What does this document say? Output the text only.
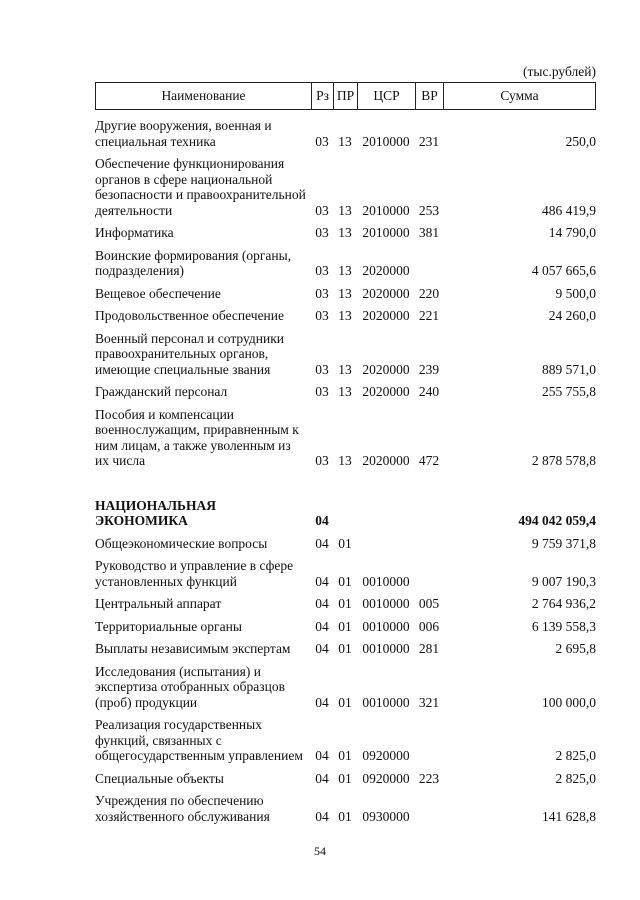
(тыс.рублей)
Наименование	Рз ПР	ЦСР	ВР	Сумма
Другие вооружения, военная и
специальная техника	03 13 2010000 231	250,0
Обеспечение функционирования
органов в сфере национальной
безопасности и правоохранительной
деятельности	03 13 2010000 253	486 419,9
Информатика	03 13 2010000 381	14 790,0
Воинские формирования (органы,
подразделения)	03 13 2020000	4 057 665,6
Вещевое обеспечение	03 13 2020000 220	9 500,0
Продовольственное обеспечение	03 13 2020000 221	24 260,0
Военный персонал и сотрудники
правоохранительных органов,
имеющие специальные звания	03 13 2020000 239	889 571,0
Гражданский персонал	03 13 2020000 240	255 755,8
Пособия и компенсации
военнослужащим, приравненным к
ним лицам, а также уволенным из
их числа	03 13 2020000 472	2 878 578,8
НАЦИОНАЛЬНАЯ
ЭКОНОМИКА	04	494 042 059,4
Общеэкономические вопросы	04 01	9 759 371,8
Руководство и управление в сфере
установленных функций	04 01 0010000	9 007 190,3
Центральный аппарат	04 01 0010000 005	2 764 936,2
Территориальные органы	04 01 0010000 006	6 139 558,3
Выплаты независимым экспертам	04 01 0010000 281	2 695,8
Исследования (испытания) и
экспертиза отобранных образцов
(проб) продукции	04 01 0010000 321	100 000,0
Реализация государственных
функций, связанных с
общегосударственным управлением 04 01 0920000	2 825,0
Специальные объекты	04 01 0920000 223	2 825,0
Учреждения по обеспечению
хозяйственного обслуживания	04 01 0930000	141 628,8
54
